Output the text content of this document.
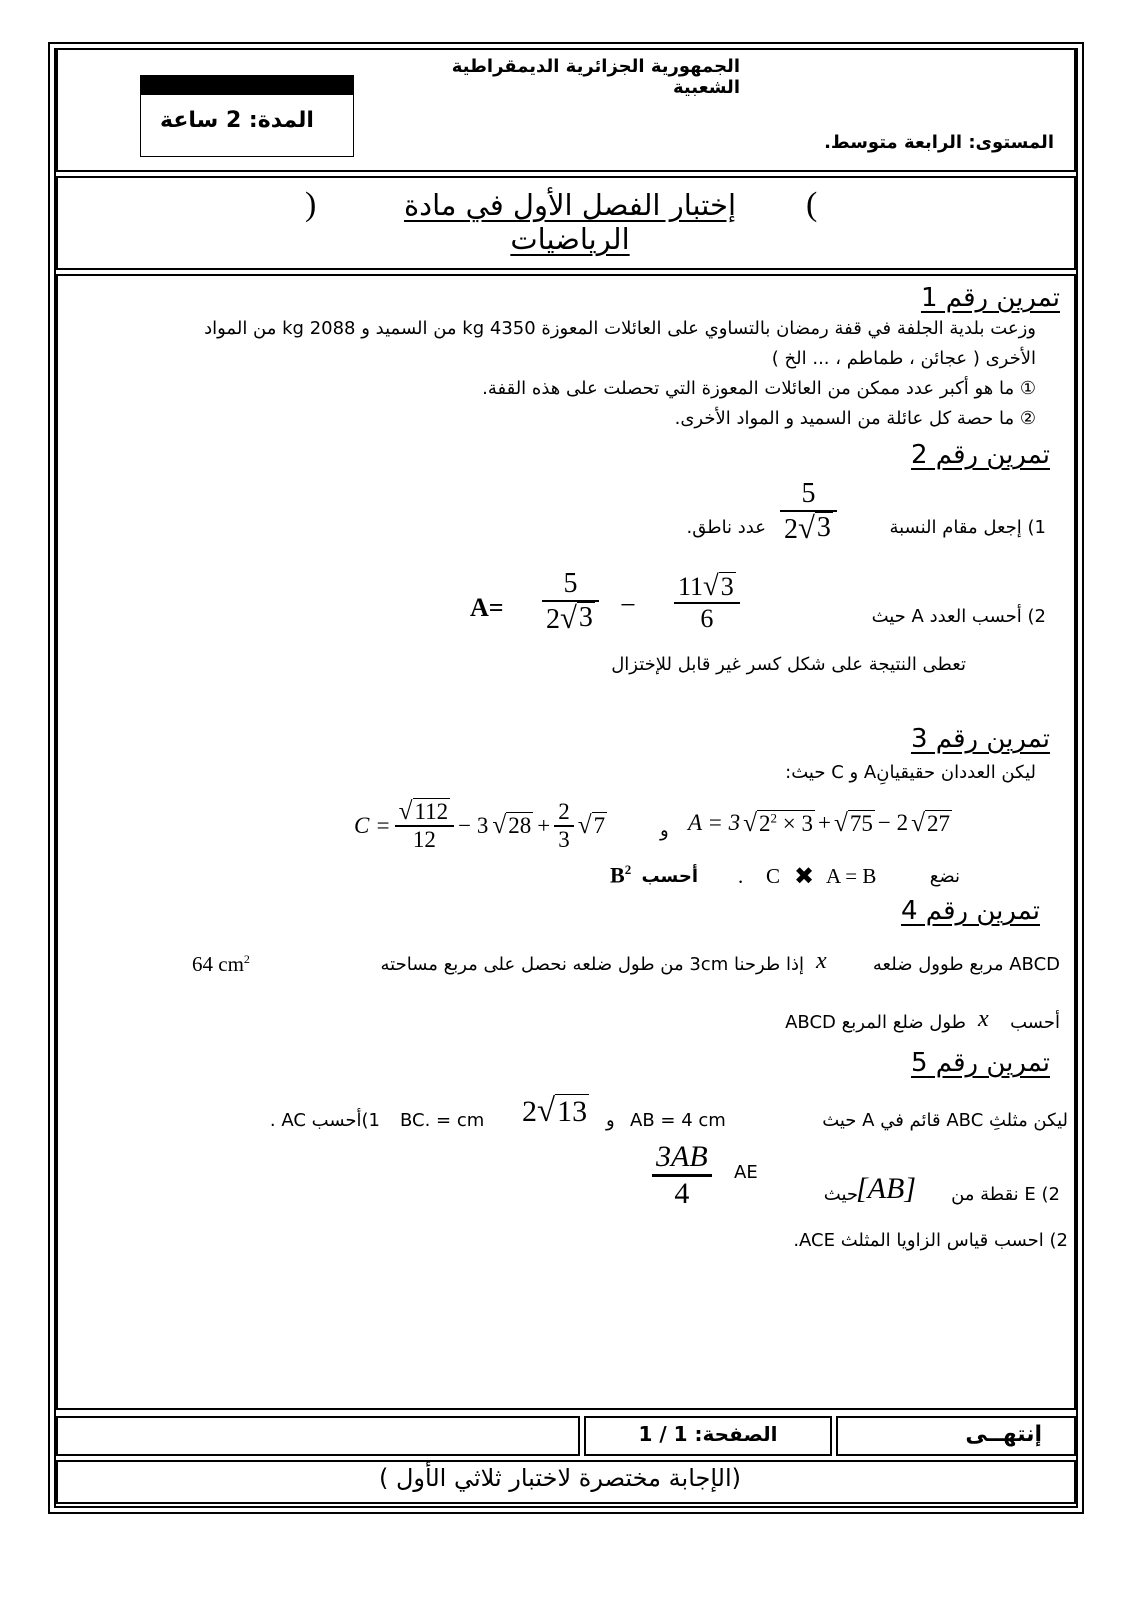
الجمهورية الجزائرية الديمقراطية الشعبية
المدة: 2 ساعة
المستوى: الرابعة متوسط.
(
إختبار الفصل الأول في مادة الرياضيات
)
تمرين رقم 1
وزعت بلدية الجلفة في قفة رمضان بالتساوي على العائلات المعوزة 4350 kg من السميد و 2088 kg من المواد
الأخرى ( عجائن ، طماطم ، ... الخ )
① ما هو أكبر عدد ممكن من العائلات المعوزة التي تحصلت على هذه القفة.
② ما حصة كل عائلة من السميد و المواد الأخرى.
تمرين رقم 2
1) إجعل مقام النسبة
$\frac{5}{2 √ 3}$
عدد ناطق.
$A= \frac{5}{2 √ 3} - \frac{11 √ 3}{6}$	2) أحسب العدد A حيث
تعطى النتيجة على شكل كسر غير قابل للإختزال
تمرين رقم 3
ليكن العددان حقيقيانِA و C حيث:
$C = \frac{√ 112}{12} - 3$ √ $28 + \frac{2}{3}$ √ 7	و A = 3 √ $2^2 \times 3$ + √ 75 − 2 √ 27
نضع
A = B
✖
C
.
أحسب
$B^2$
تمرين رقم 4
ABCD مربع طوول ضلعه
x
إذا طرحنا 3cm من طول ضلعه نحصل على مربع مساحته
64 $cm^2$
أحسب
x
طول ضلع المربع ABCD
تمرين رقم 5
ليكن مثلثِ ABC قائم في A حيث
AB = 4 cm
و
2 √ 13
BC. = cm
1)أحسب AC .
$\frac{3AB}{4}$ AE
حيث
[AB]	2) E نقطة من
2) احسب قياس الزاويا المثلث ACE.
الصفحة: 1 / 1	إنتهــى
(الإجابة مختصرة لاختبار ثلاثي الأول )
